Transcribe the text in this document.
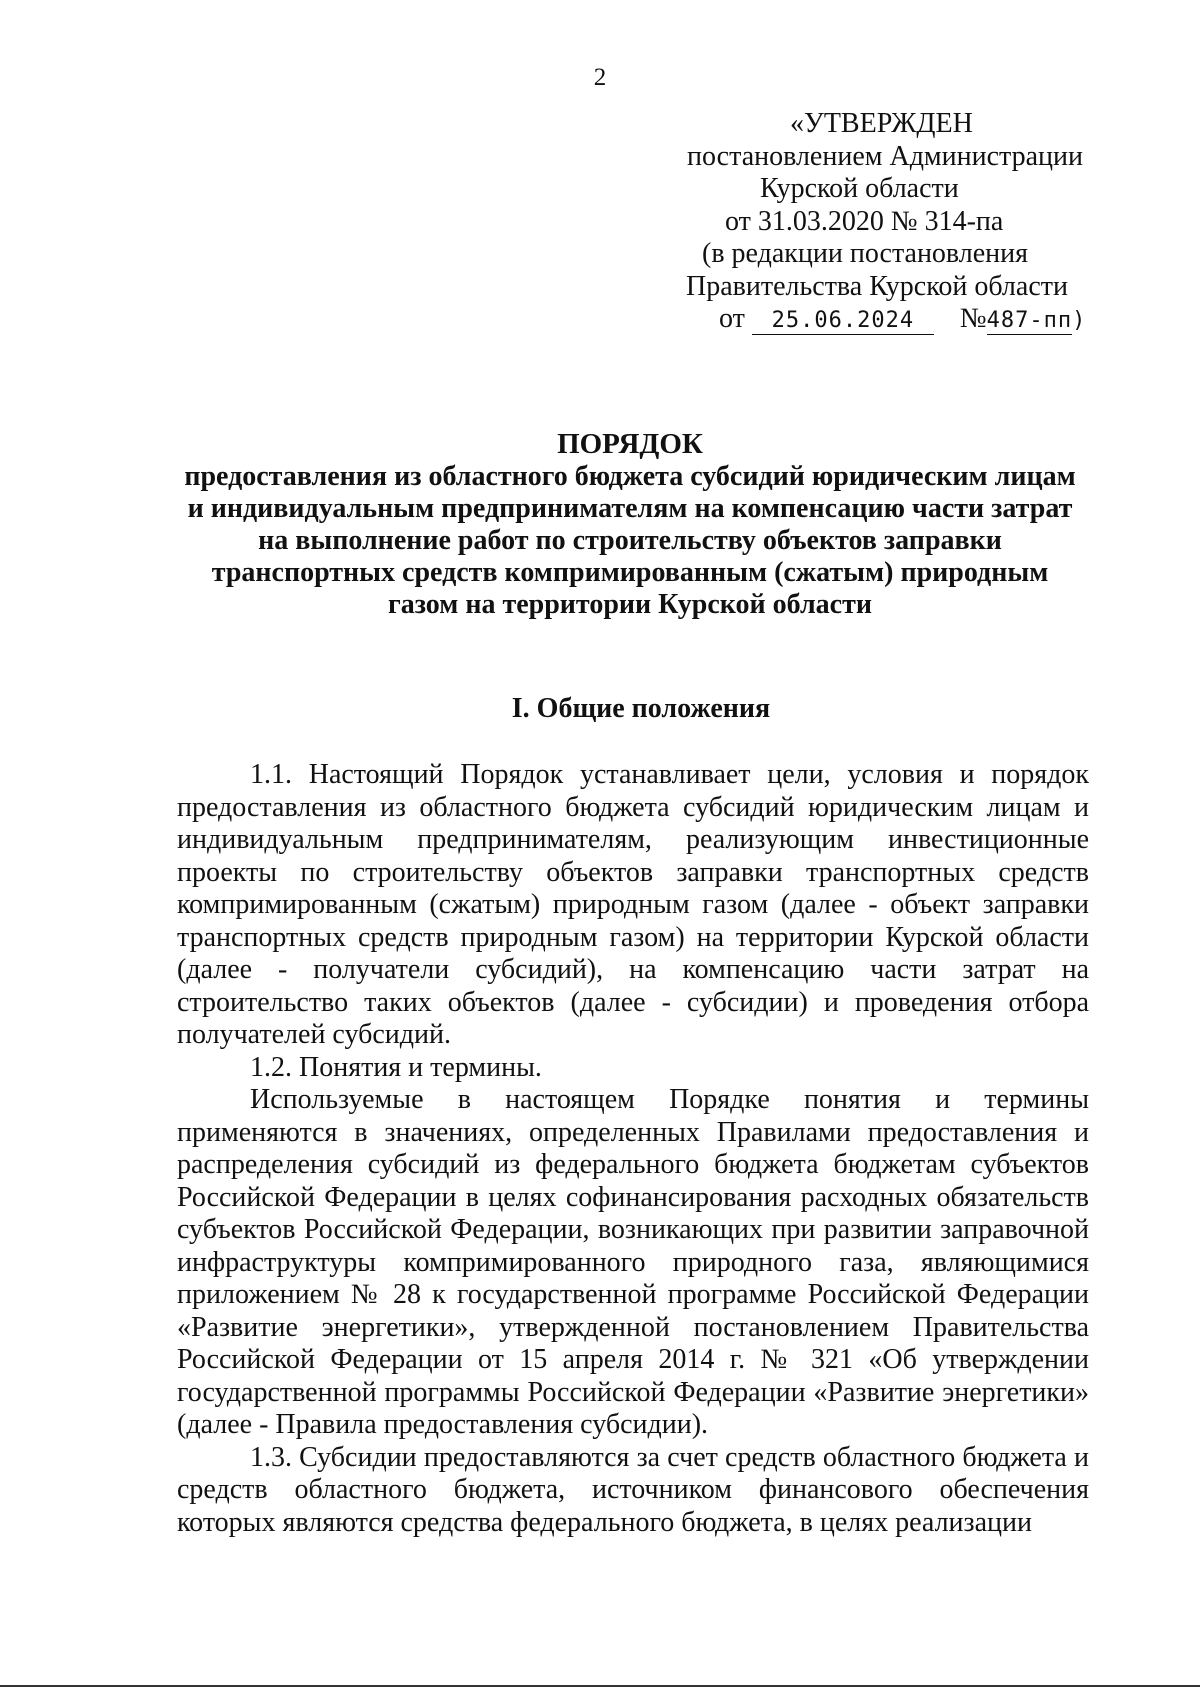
2
«УТВЕРЖДЕН
постановлением Администрации
Курской области
от 31.03.2020 № 314-па
(в редакции постановления
Правительства Курской области
от 25.06.2024 №487-пп)
ПОРЯДОК
предоставления из областного бюджета субсидий юридическим лицам
и индивидуальным предпринимателям на компенсацию части затрат
на выполнение работ по строительству объектов заправки
транспортных средств компримированным (сжатым) природным
газом на территории Курской области
I. Общие положения

1.1. Настоящий Порядок устанавливает цели, условия и порядок предоставления из областного бюджета субсидий юридическим лицам и индивидуальным предпринимателям, реализующим инвестиционные проекты по строительству объектов заправки транспортных средств компримированным (сжатым) природным газом (далее - объект заправки транспортных средств природным газом) на территории Курской области (далее - получатели субсидий), на компенсацию части затрат на строительство таких объектов (далее - субсидии) и проведения отбора получателей субсидий.

1.2. Понятия и термины.

Используемые в настоящем Порядке понятия и термины применяются в значениях, определенных Правилами предоставления и распределения субсидий из федерального бюджета бюджетам субъектов Российской Федерации в целях софинансирования расходных обязательств субъектов Российской Федерации, возникающих при развитии заправочной инфраструктуры компримированного природного газа, являющимися приложением № 28 к государственной программе Российской Федерации «Развитие энергетики», утвержденной постановлением Правительства Российской Федерации от 15 апреля 2014 г. № 321 «Об утверждении государственной программы Российской Федерации «Развитие энергетики» (далее - Правила предоставления субсидии).

1.3. Субсидии предоставляются за счет средств областного бюджета и средств областного бюджета, источником финансового обеспечения которых являются средства федерального бюджета, в целях реализации
